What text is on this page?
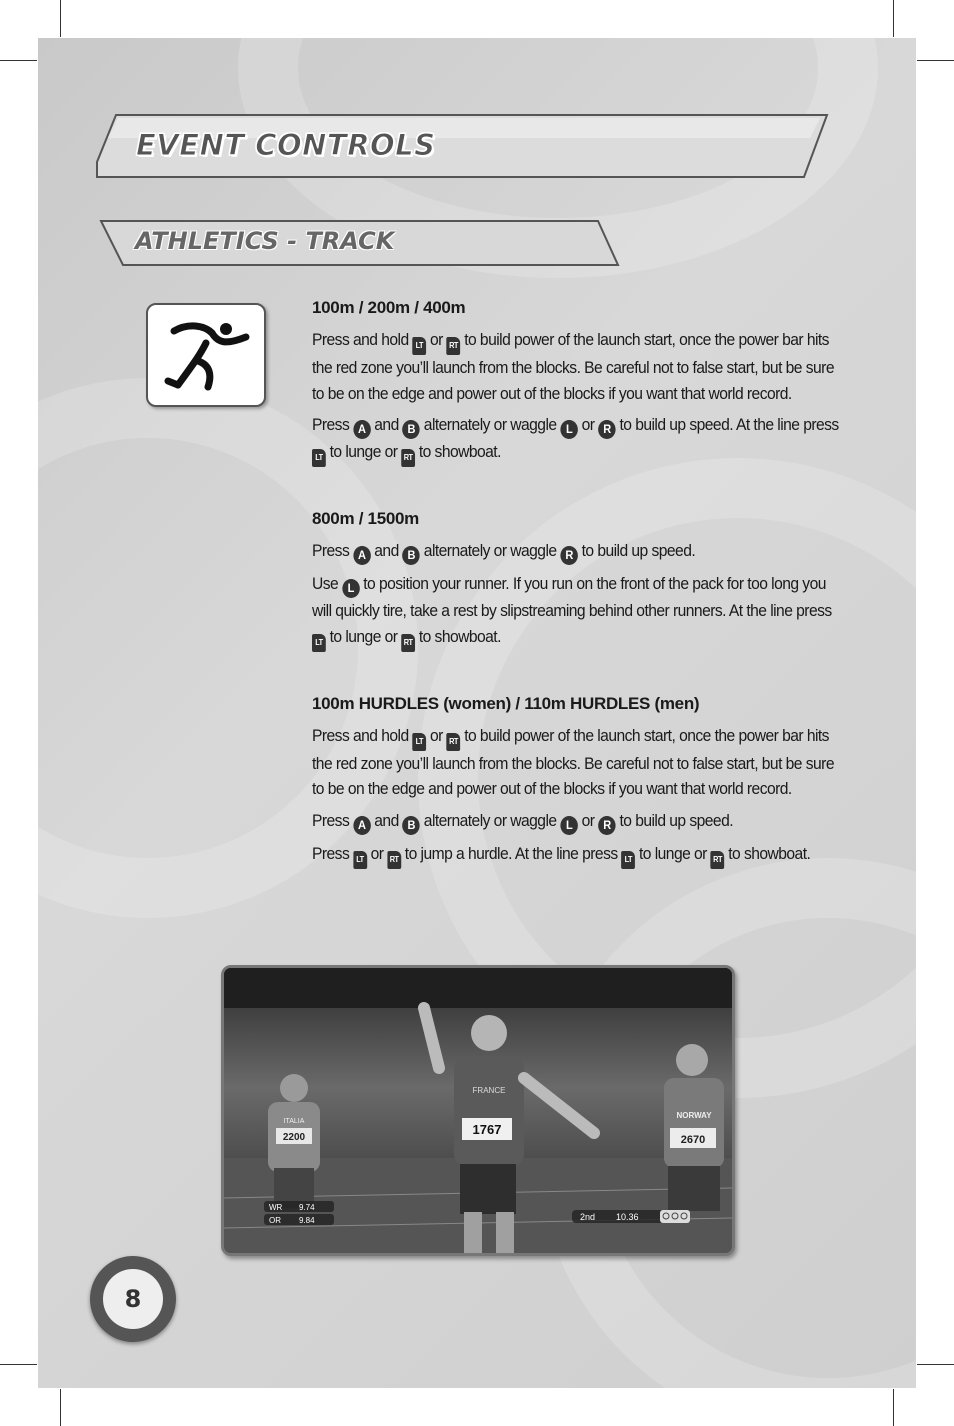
EVENT CONTROLS
ATHLETICS - TRACK
100m / 200m / 400m
Press and hold LT or RT to build power of the launch start, once the power bar hits the red zone you’ll launch from the blocks. Be careful not to false start, but be sure to be on the edge and power out of the blocks if you want that world record.
Press A and B alternately or waggle L or R to build up speed. At the line press LT to lunge or RT to showboat.
800m / 1500m
Press A and B alternately or waggle R to build up speed.
Use L to position your runner. If you run on the front of the pack for too long you will quickly tire, take a rest by slipstreaming behind other runners. At the line press LT to lunge or RT to showboat.
100m HURDLES (women) / 110m HURDLES (men)
Press and hold LT or RT to build power of the launch start, once the power bar hits the red zone you’ll launch from the blocks. Be careful not to false start, but be sure to be on the edge and power out of the blocks if you want that world record.
Press A and B alternately or waggle L or R to build up speed.
Press LT or RT to jump a hurdle. At the line press LT to lunge or RT to showboat.
2200
ITALIA
1767
FRANCE
2670
NORWAY
WR 9.74
OR 9.84	2nd 10.36
8
